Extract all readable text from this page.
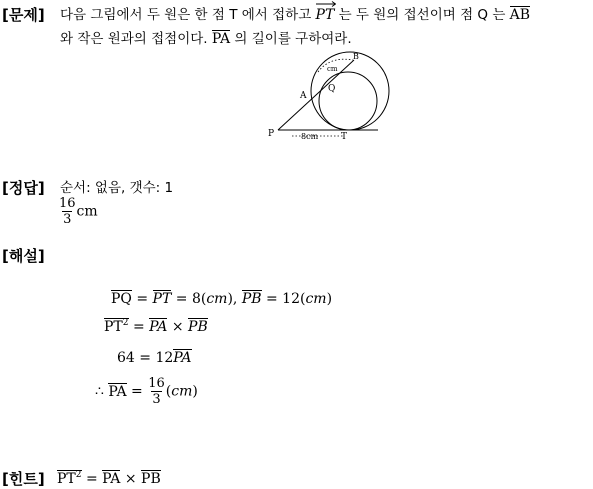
[문제] 다음 그림에서 두 원은 한 점 T 에서 접하고
PT 는 두 원의 접선이며 점 Q 는 AB
와 작은 원과의 접점이다. PA 의 길이를 구하여라.
B
cm
A
Q
P	8cm	T
[정답] 순서: 없음, 갯수: 1
$\frac{16}{3}$ cm
[해설]
PQ = PT = 8(cm), PB = 12(cm)
$PT^2$ = PA × PB
64 = 12PA
∴ PA = $\frac{16}{3} (cm)$
[힌트] $PT^2$ = PA × PB
